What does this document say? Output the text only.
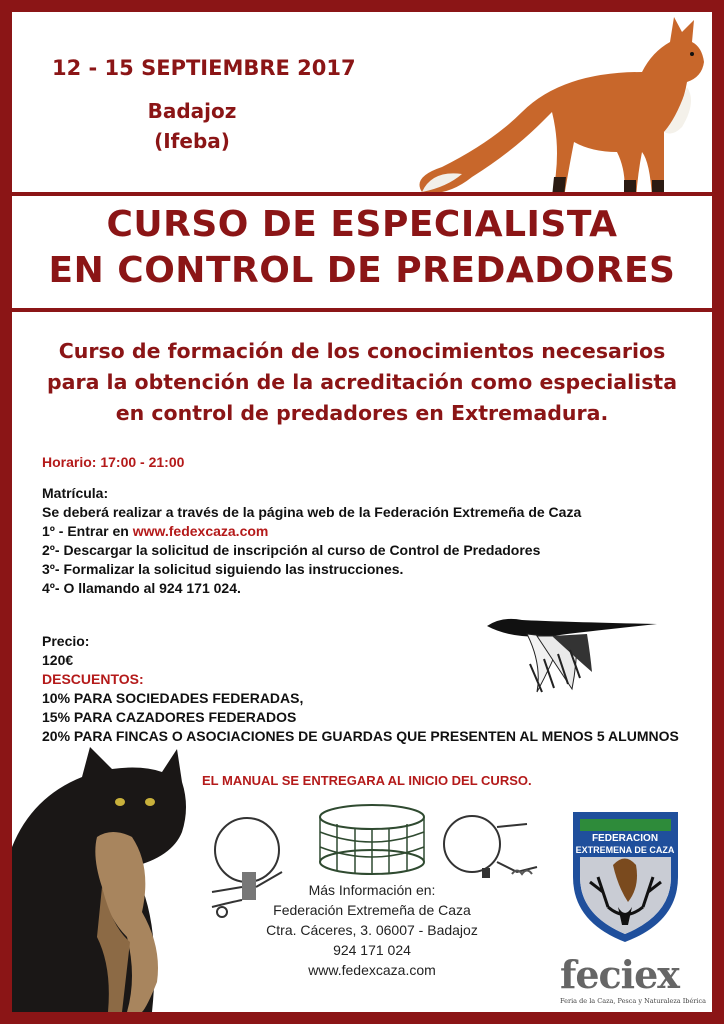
12 - 15 SEPTIEMBRE 2017
Badajoz
(Ifeba)
CURSO DE ESPECIALISTA
EN CONTROL DE PREDADORES
Curso de formación de los conocimientos necesarios
para la obtención de la acreditación como especialista
en control de predadores en Extremadura.
Horario: 17:00 - 21:00
Matrícula:
Se deberá realizar a través de la página web de la Federación Extremeña de Caza
1º - Entrar en www.fedexcaza.com
2º- Descargar la solicitud de inscripción al curso de Control de Predadores
3º- Formalizar la solicitud siguiendo las instrucciones.
4º- O llamando al 924 171 024.
Precio:
120€
DESCUENTOS:
10% PARA SOCIEDADES FEDERADAS,
15% PARA CAZADORES FEDERADOS
20% PARA FINCAS O ASOCIACIONES DE GUARDAS QUE PRESENTEN AL MENOS 5 ALUMNOS
EL MANUAL SE ENTREGARA AL INICIO DEL CURSO.
Más Información en:
Federación Extremeña de Caza
Ctra. Cáceres, 3. 06007 - Badajoz
924 171 024
www.fedexcaza.com
FEDERACION
EXTREMENA DE CAZA
feciex
Feria de la Caza, Pesca y Naturaleza Ibérica
